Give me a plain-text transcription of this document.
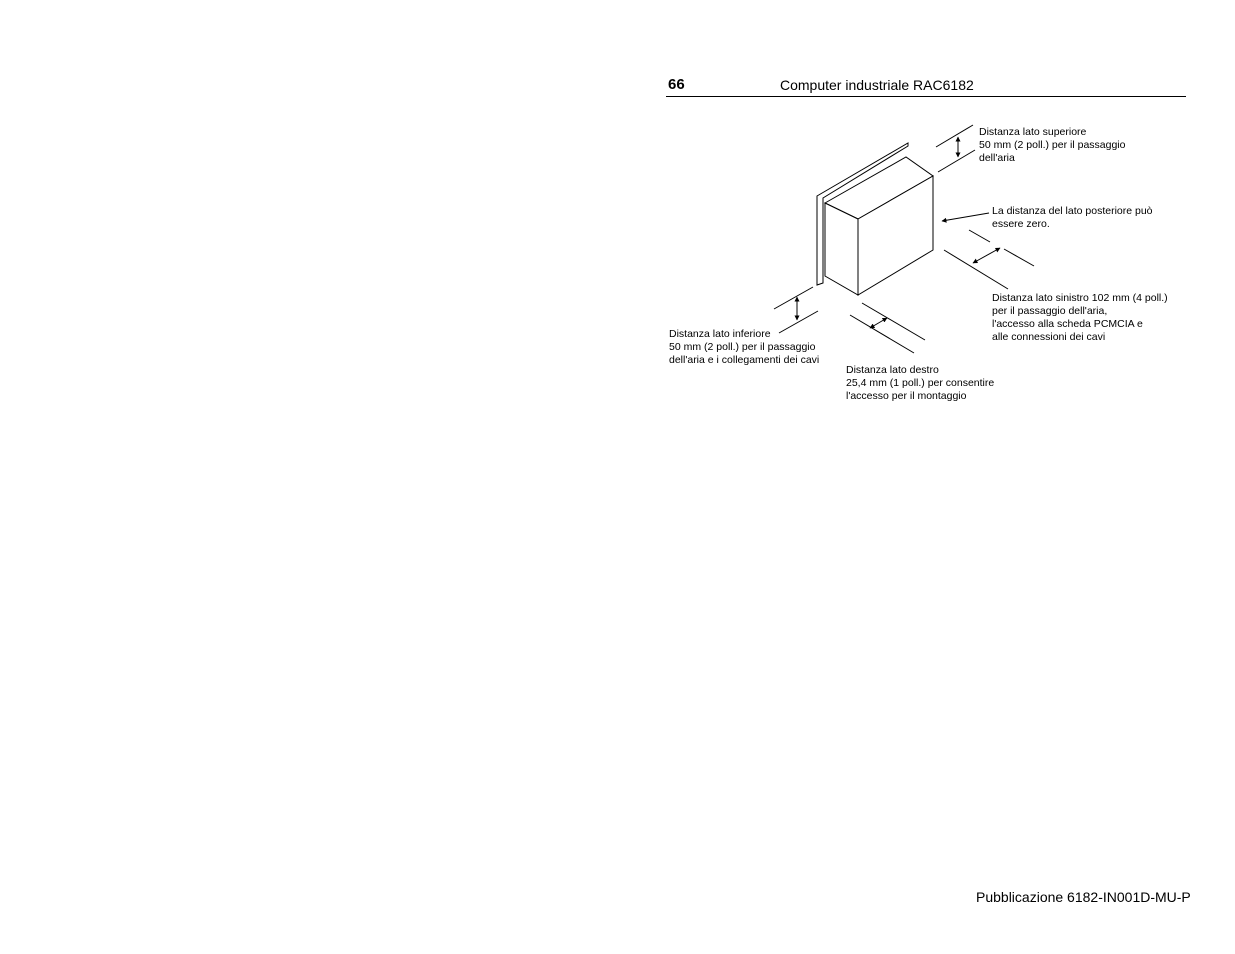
66	Computer industriale RAC6182
Distanza lato superiore
50 mm (2 poll.) per il passaggio
dell'aria
La distanza del lato posteriore può
essere zero.
Distanza lato sinistro 102 mm (4 poll.)
per il passaggio dell'aria,
l'accesso alla scheda PCMCIA e
alle connessioni dei cavi
Distanza lato inferiore
50 mm (2 poll.) per il passaggio
dell'aria e i collegamenti dei cavi
Distanza lato destro
25,4 mm (1 poll.) per consentire
l'accesso per il montaggio
Pubblicazione 6182-IN001D-MU-P
